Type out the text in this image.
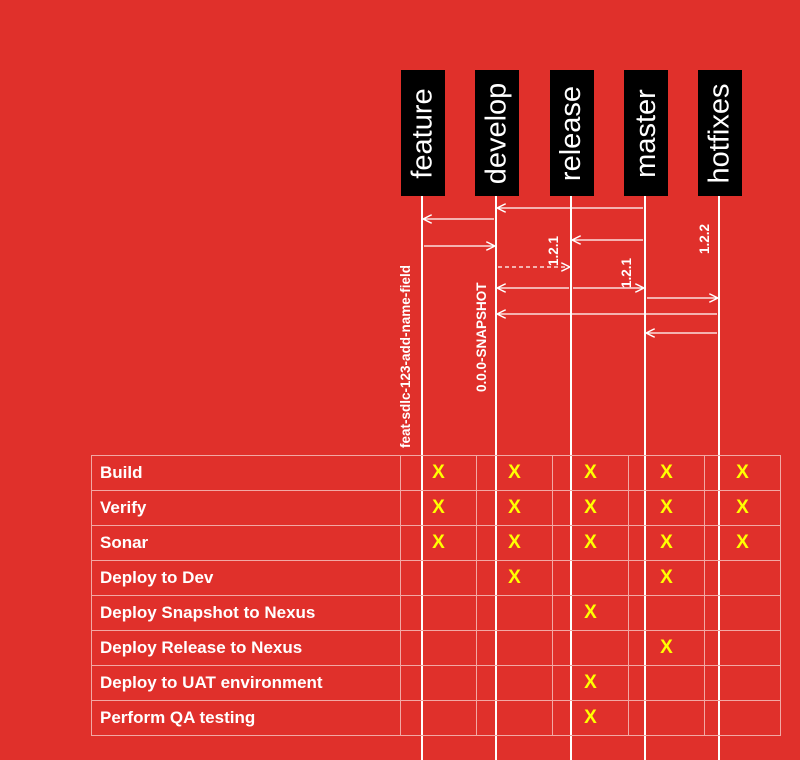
feature develop release master hotfixes
feat-sdlc-123-add-name-field	0.0.0-SNAPSHOT
1.2.1
1.2.1
1.2.2
Build	X	X	X	X	X
Verify	X	X	X	X	X
Sonar	X	X	X	X	X
Deploy to Dev		X		X	
Deploy Snapshot to Nexus			X		
Deploy Release to Nexus				X	
Deploy to UAT environment			X		
Perform QA testing			X		
